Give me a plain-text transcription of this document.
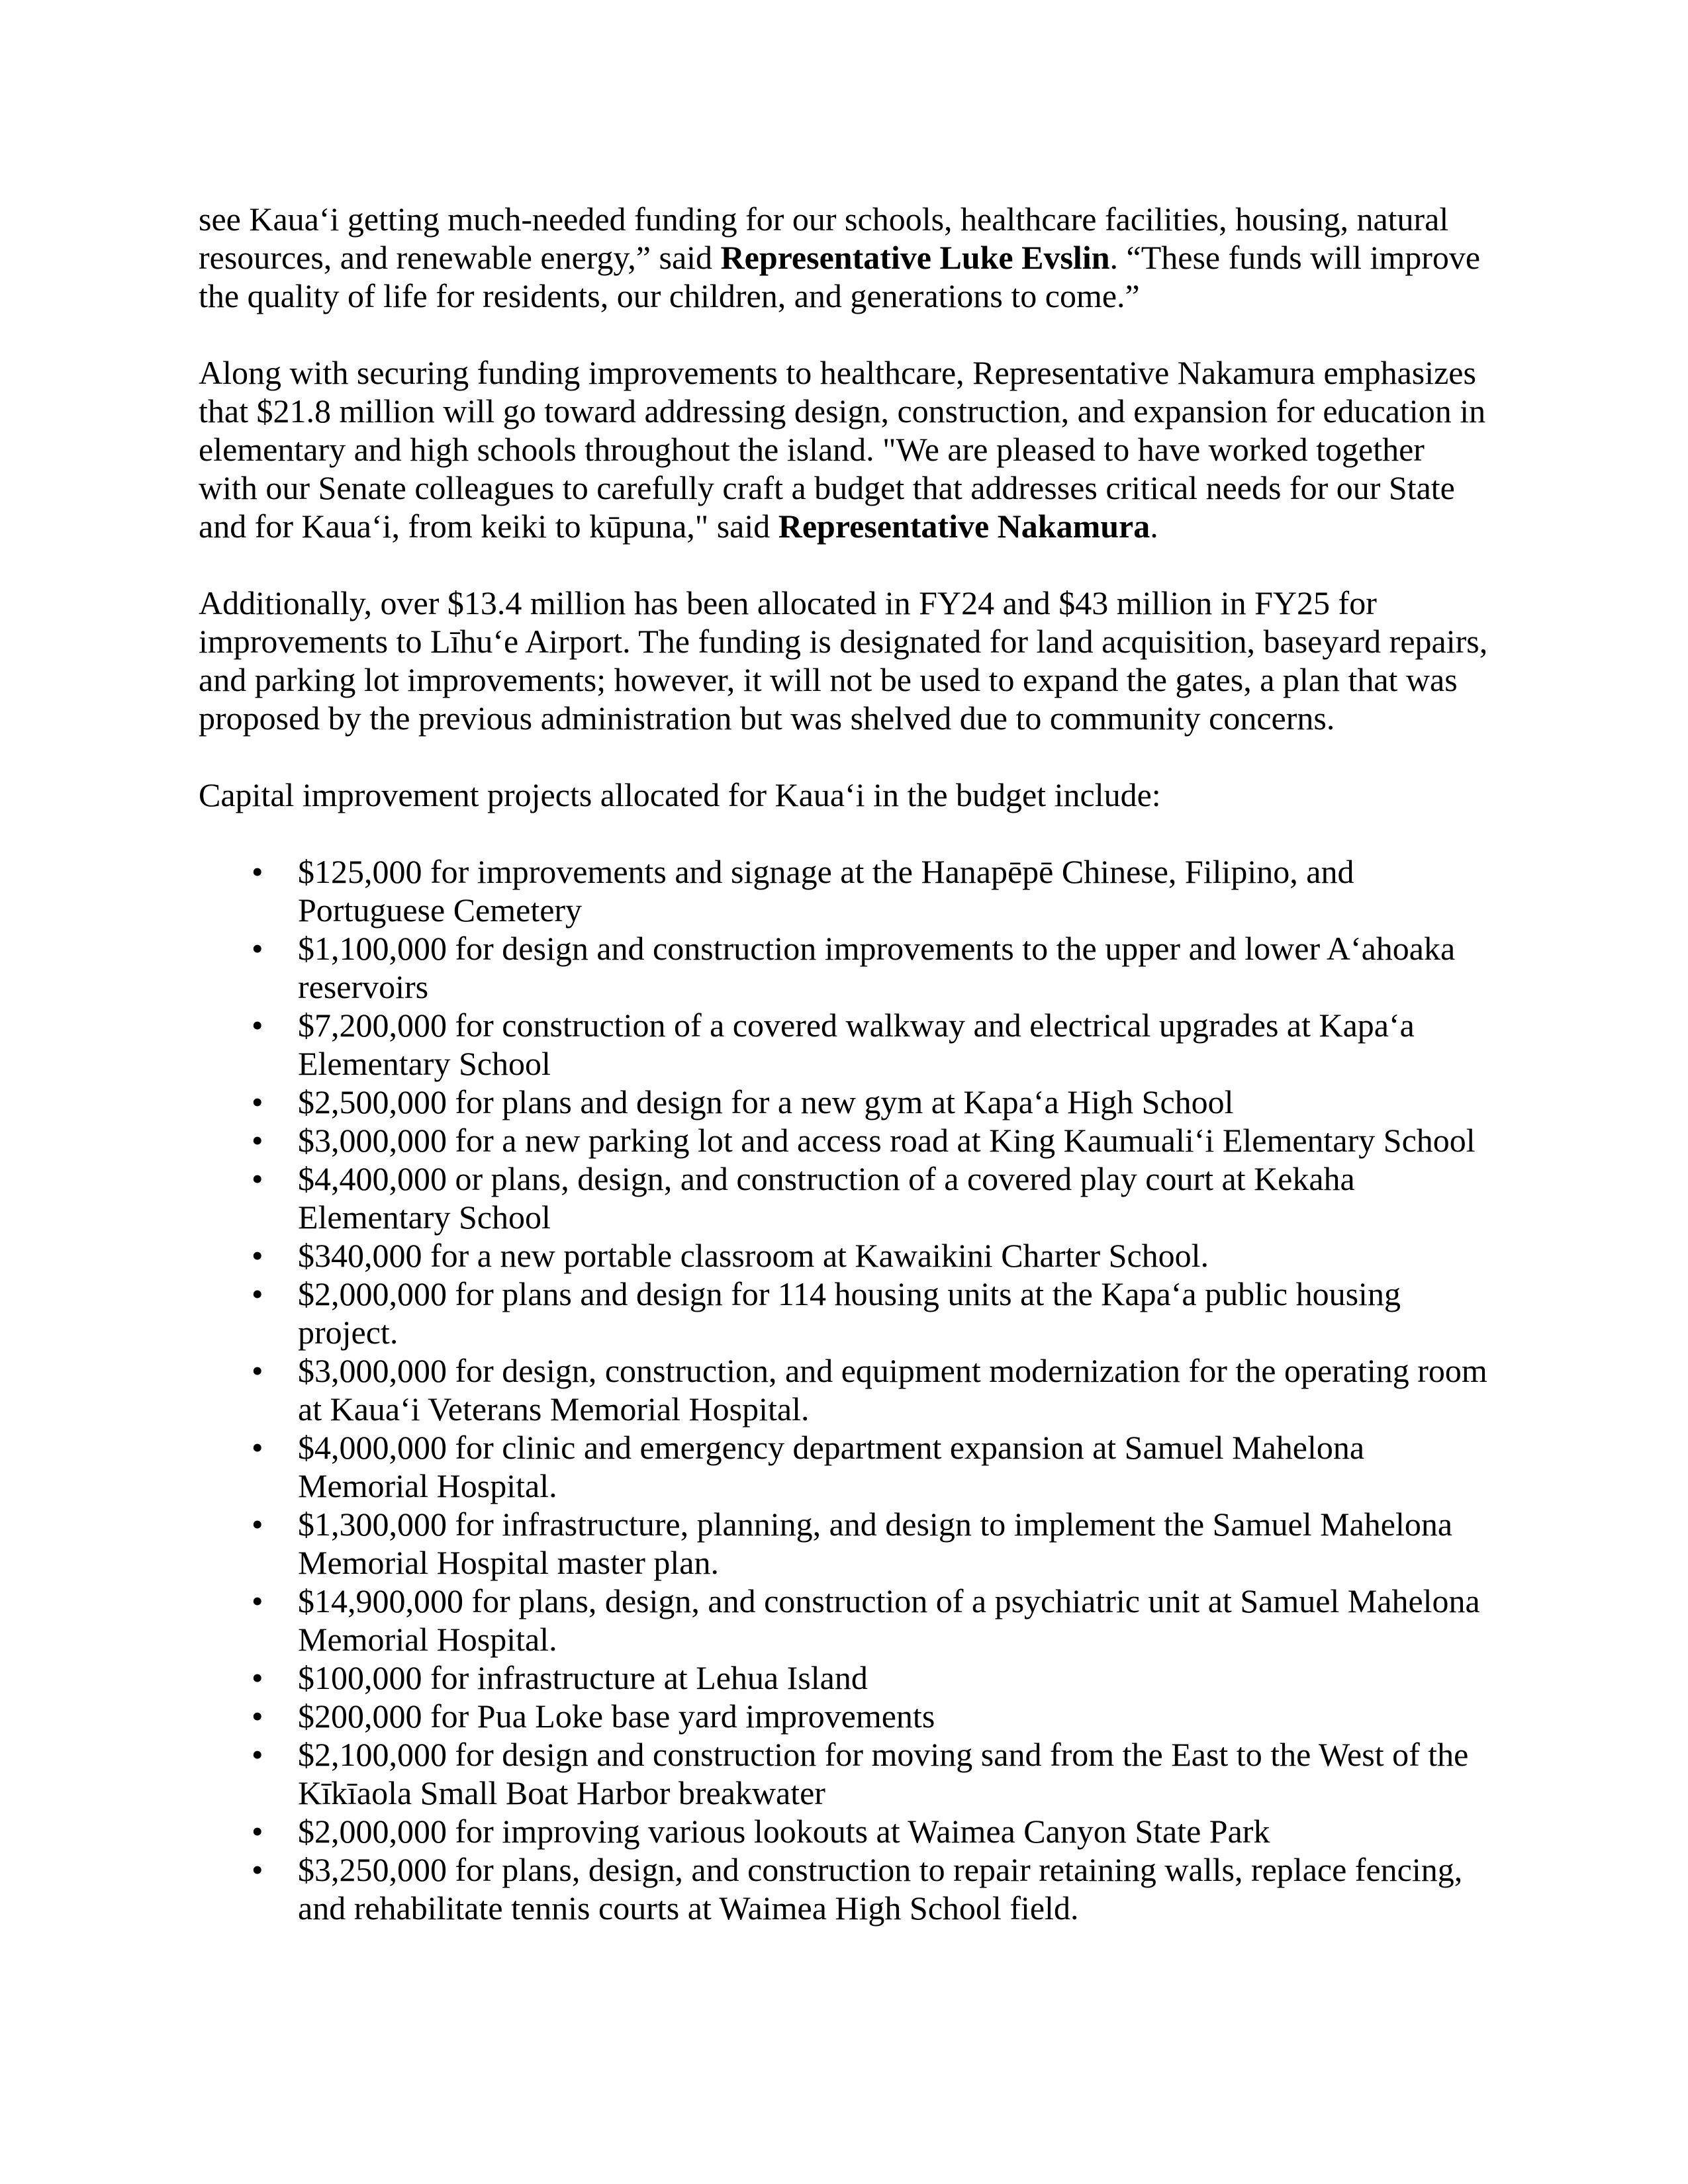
see Kaua‘i getting much-needed funding for our schools, healthcare facilities, housing, natural resources, and renewable energy,” said Representative Luke Evslin. “These funds will improve the quality of life for residents, our children, and generations to come.”

Along with securing funding improvements to healthcare, Representative Nakamura emphasizes that $21.8 million will go toward addressing design, construction, and expansion for education in elementary and high schools throughout the island. "We are pleased to have worked together with our Senate colleagues to carefully craft a budget that addresses critical needs for our State and for Kaua‘i, from keiki to kūpuna," said Representative Nakamura.

Additionally, over $13.4 million has been allocated in FY24 and $43 million in FY25 for improvements to Līhu‘e Airport. The funding is designated for land acquisition, baseyard repairs, and parking lot improvements; however, it will not be used to expand the gates, a plan that was proposed by the previous administration but was shelved due to community concerns.

Capital improvement projects allocated for Kaua‘i in the budget include:

• $125,000 for improvements and signage at the Hanapēpē Chinese, Filipino, and Portuguese Cemetery
• $1,100,000 for design and construction improvements to the upper and lower A‘ahoaka reservoirs
• $7,200,000 for construction of a covered walkway and electrical upgrades at Kapa‘a Elementary School
• $2,500,000 for plans and design for a new gym at Kapa‘a High School
• $3,000,000 for a new parking lot and access road at King Kaumuali‘i Elementary School
• $4,400,000 or plans, design, and construction of a covered play court at Kekaha Elementary School
• $340,000 for a new portable classroom at Kawaikini Charter School.
• $2,000,000 for plans and design for 114 housing units at the Kapa‘a public housing project.
• $3,000,000 for design, construction, and equipment modernization for the operating room at Kaua‘i Veterans Memorial Hospital.
• $4,000,000 for clinic and emergency department expansion at Samuel Mahelona Memorial Hospital.
• $1,300,000 for infrastructure, planning, and design to implement the Samuel Mahelona Memorial Hospital master plan.
• $14,900,000 for plans, design, and construction of a psychiatric unit at Samuel Mahelona Memorial Hospital.
• $100,000 for infrastructure at Lehua Island
• $200,000 for Pua Loke base yard improvements
• $2,100,000 for design and construction for moving sand from the East to the West of the Kīkīaola Small Boat Harbor breakwater
• $2,000,000 for improving various lookouts at Waimea Canyon State Park
• $3,250,000 for plans, design, and construction to repair retaining walls, replace fencing, and rehabilitate tennis courts at Waimea High School field.
